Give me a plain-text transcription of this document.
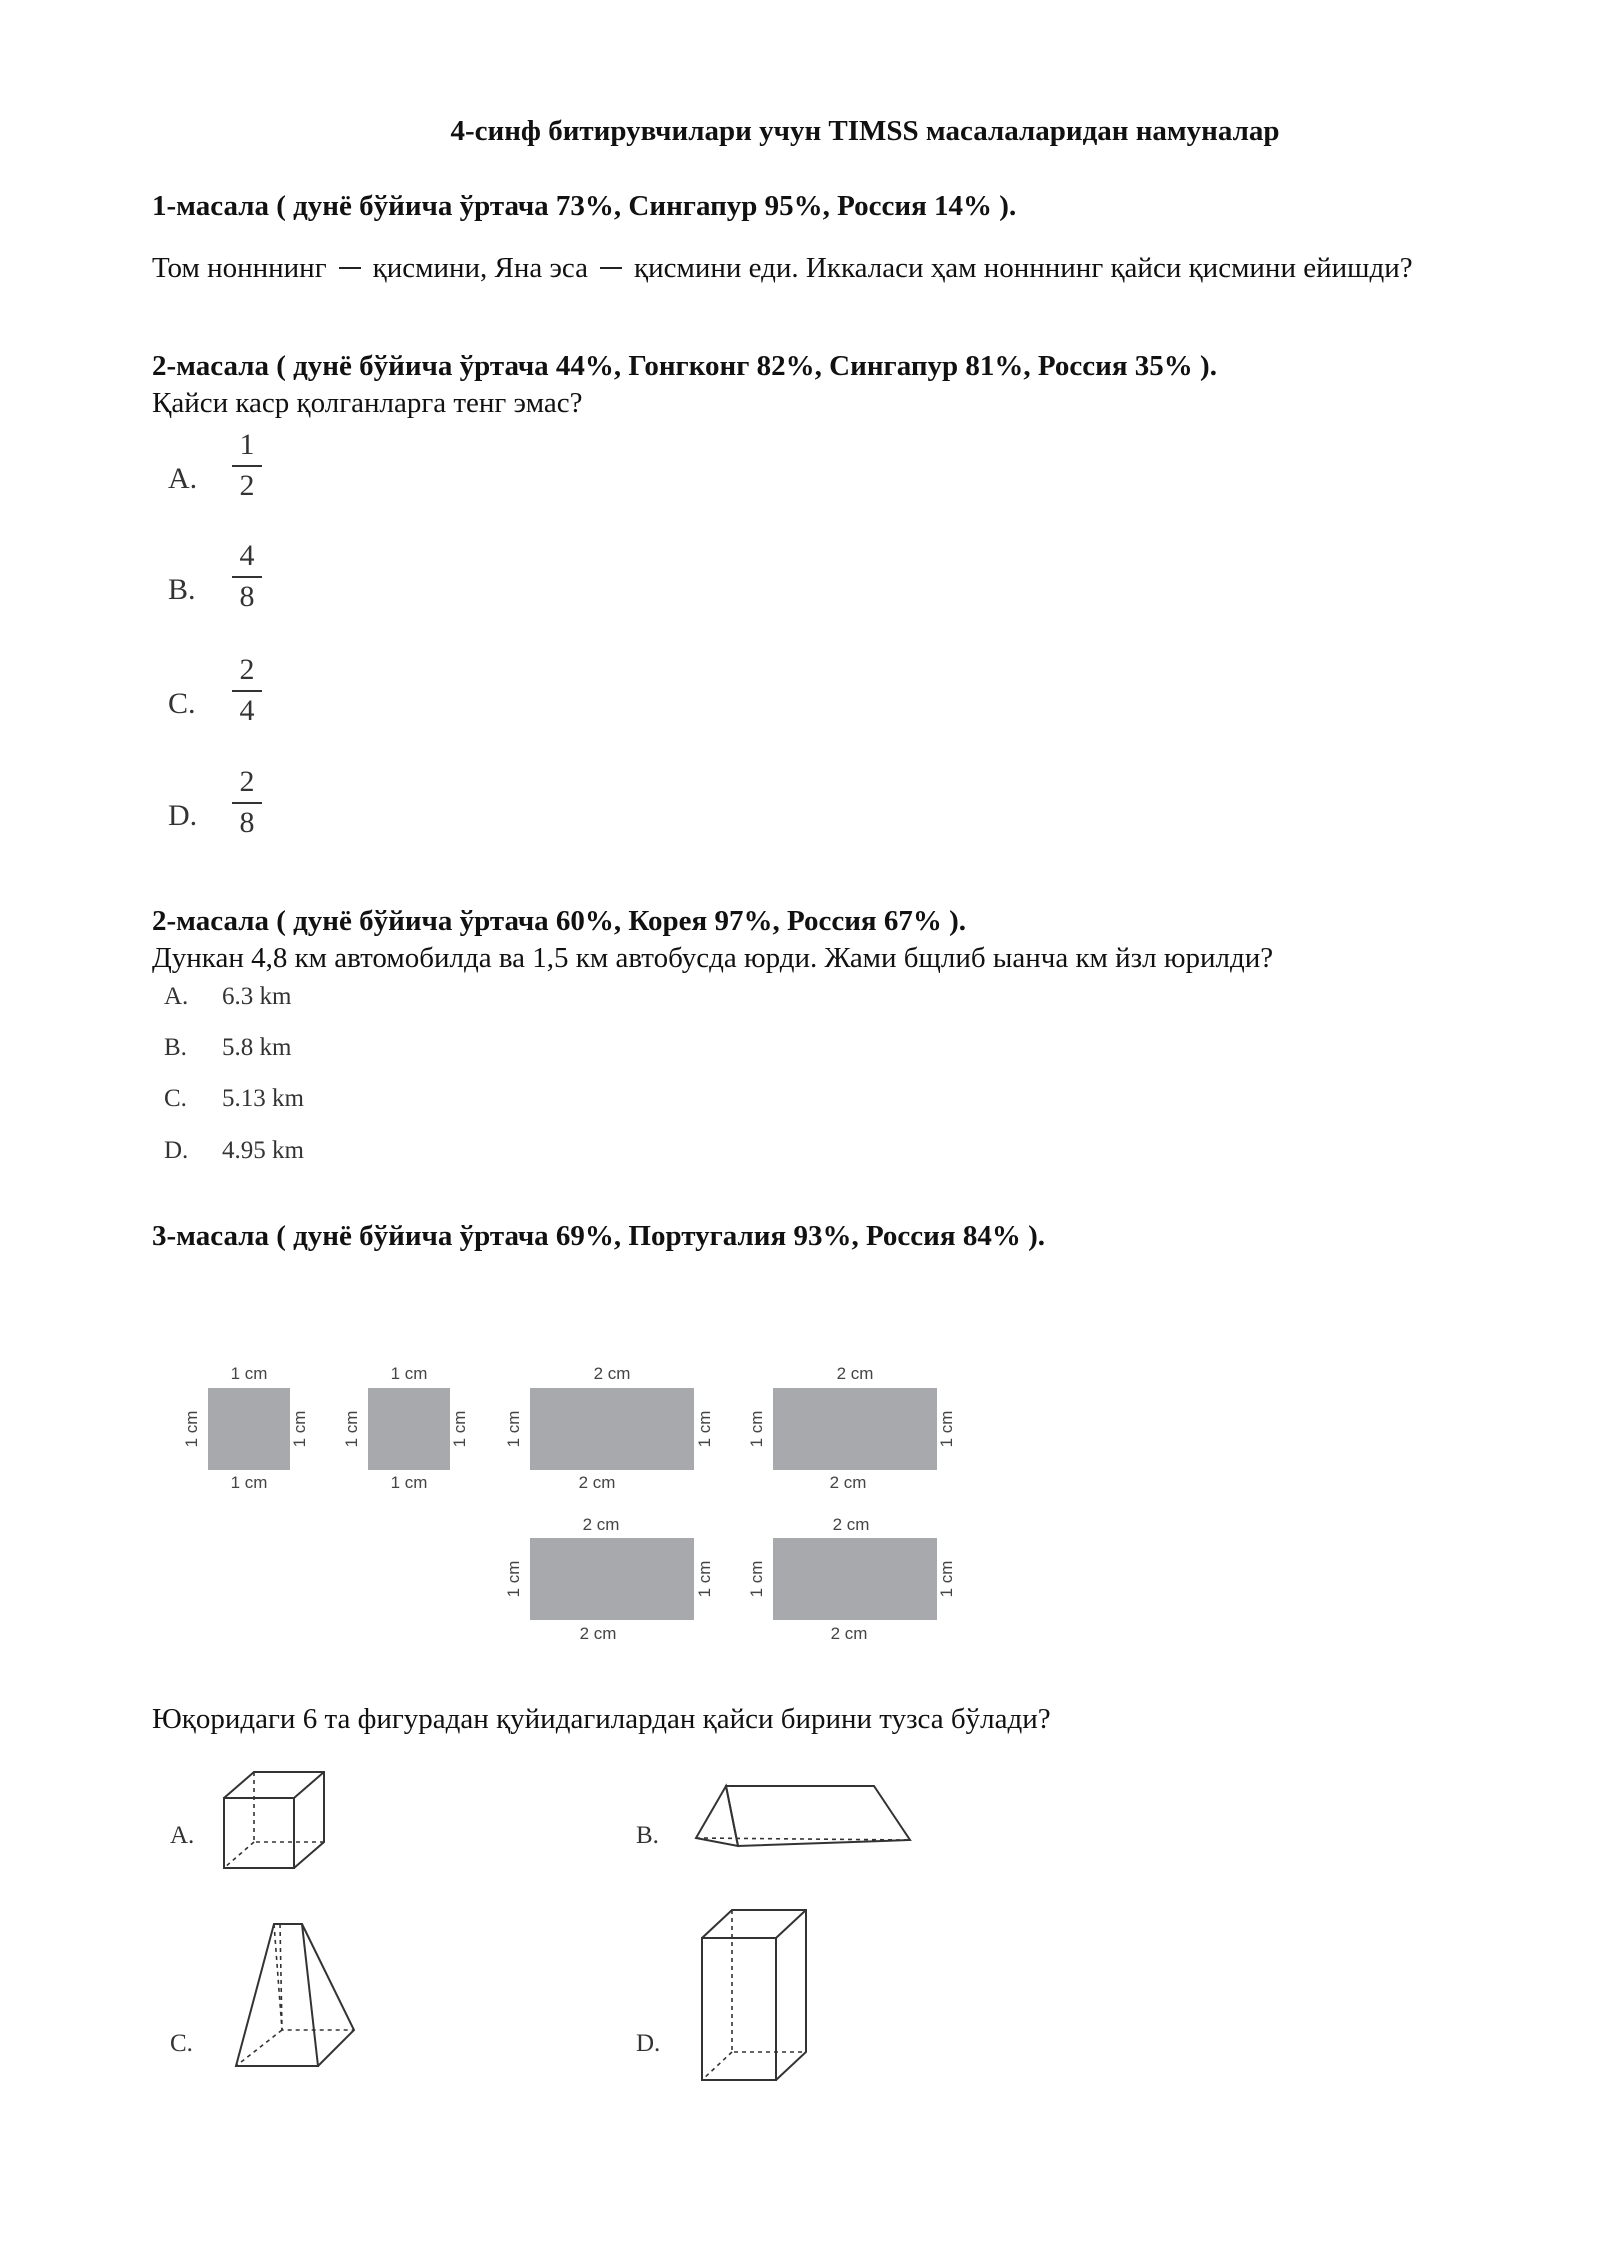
4-синф битирувчилари учун TIMSS масалаларидан намуналар
1-масала ( дунё бўйича ўртача 73%, Сингапур 95%, Россия 14% ).
Том нонннинг қисмини, Яна эса қисмини еди. Иккаласи ҳам нонннинг қайси қисмини ейишди?
2-масала ( дунё бўйича ўртача 44%, Гонгконг 82%, Сингапур 81%, Россия 35% ).
Қайси каср қолганларга тенг эмас?
A.
1
2
B.
4
8
C.
2
4
D.
2
8
2-масала ( дунё бўйича ўртача 60%, Корея 97%, Россия 67% ).
Дункан 4,8 км автомобилда ва 1,5 км автобусда юрди. Жами бщлиб ыанча км йзл юрилди?
A. 6.3 km
B. 5.8 km
C. 5.13 km
D. 4.95 km
3-масала ( дунё бўйича ўртача 69%, Португалия 93%, Россия 84% ).
1 cm
1 cm
1 cm	1 cm
1 cm
1 cm
1 cm	1 cm
2 cm
2 cm
1 cm	1 cm
2 cm
2 cm
1 cm	1 cm
2 cm
2 cm
1 cm	1 cm
2 cm
2 cm
1 cm	1 cm
Юқоридаги 6 та фигурадан қуйидагилардан қайси бирини тузса бўлади?
A.	B.
C.	D.
